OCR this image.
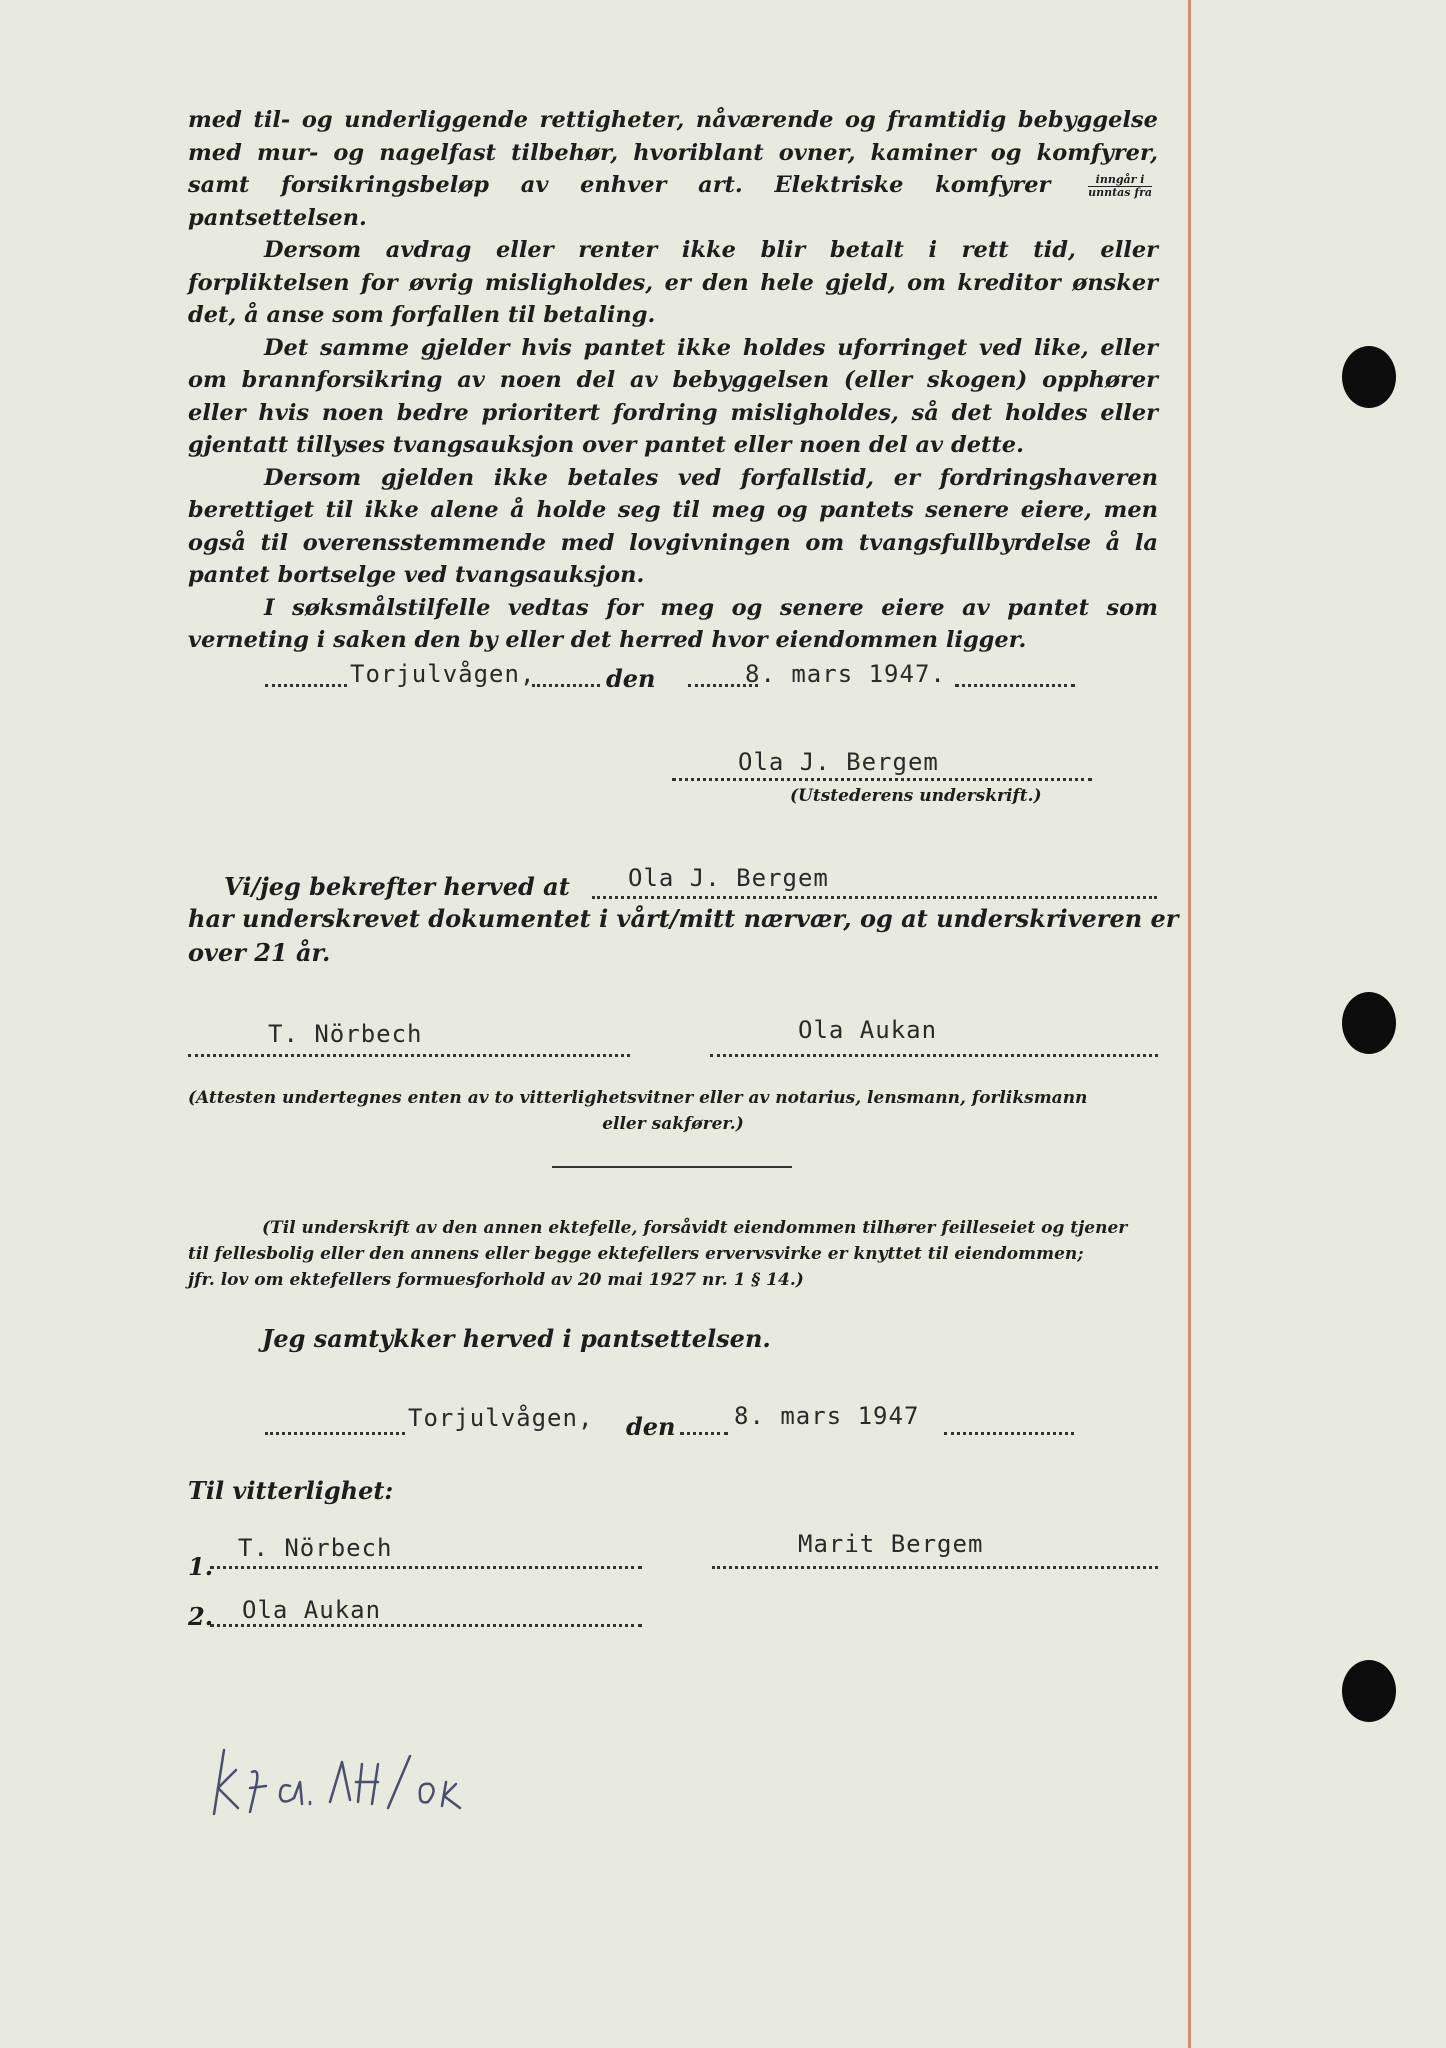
med til- og underliggende rettigheter, nåværende og framtidig bebyggelse med mur- og nagelfast tilbehør, hvoriblant ovner, kaminer og komfyrer, samt forsikringsbeløp av enhver art. Elektriske komfyrer	$\frac{\text{inngår i}}{\text{unntas fra}}$
pantsettelsen.

Dersom avdrag eller renter ikke blir betalt i rett tid, eller forpliktelsen for øvrig misligholdes, er den hele gjeld, om kreditor ønsker det, å anse som forfallen til betaling.

Det samme gjelder hvis pantet ikke holdes uforringet ved like, eller om brannforsikring av noen del av bebyggelsen (eller skogen) opphører eller hvis noen bedre prioritert fordring misligholdes, så det holdes eller gjentatt tillyses tvangsauksjon over pantet eller noen del av dette.

Dersom gjelden ikke betales ved forfallstid, er fordringshaveren berettiget til ikke alene å holde seg til meg og pantets senere eiere, men også til overensstemmende med lovgivningen om tvangsfullbyrdelse å la pantet bortselge ved tvangsauksjon.

I søksmålstilfelle vedtas for meg og senere eiere av pantet som verneting i saken den by eller det herred hvor eiendommen ligger.

Torjulvågen,	den	8. mars 1947.
Ola J. Bergem
(Utstederens underskrift.)
Vi/jeg bekrefter herved at Ola J. Bergem
har underskrevet dokumentet i vårt/mitt nærvær, og at underskriveren er
over 21 år.
T. Nörbech	Ola Aukan
(Attesten undertegnes enten av to vitterlighetsvitner eller av notarius, lensmann, forliksmann
eller sakfører.)
(Til underskrift av den annen ektefelle, forsåvidt eiendommen tilhører feilleseiet og tjener
til fellesbolig eller den annens eller begge ektefellers ervervsvirke er knyttet til eiendommen;
jfr. lov om ektefellers formuesforhold av 20 mai 1927 nr. 1 § 14.)
Jeg samtykker herved i pantsettelsen.
Torjulvågen, den 8. mars 1947
Til vitterlighet:
1.
T. Nörbech	Marit Bergem
2. Ola Aukan
